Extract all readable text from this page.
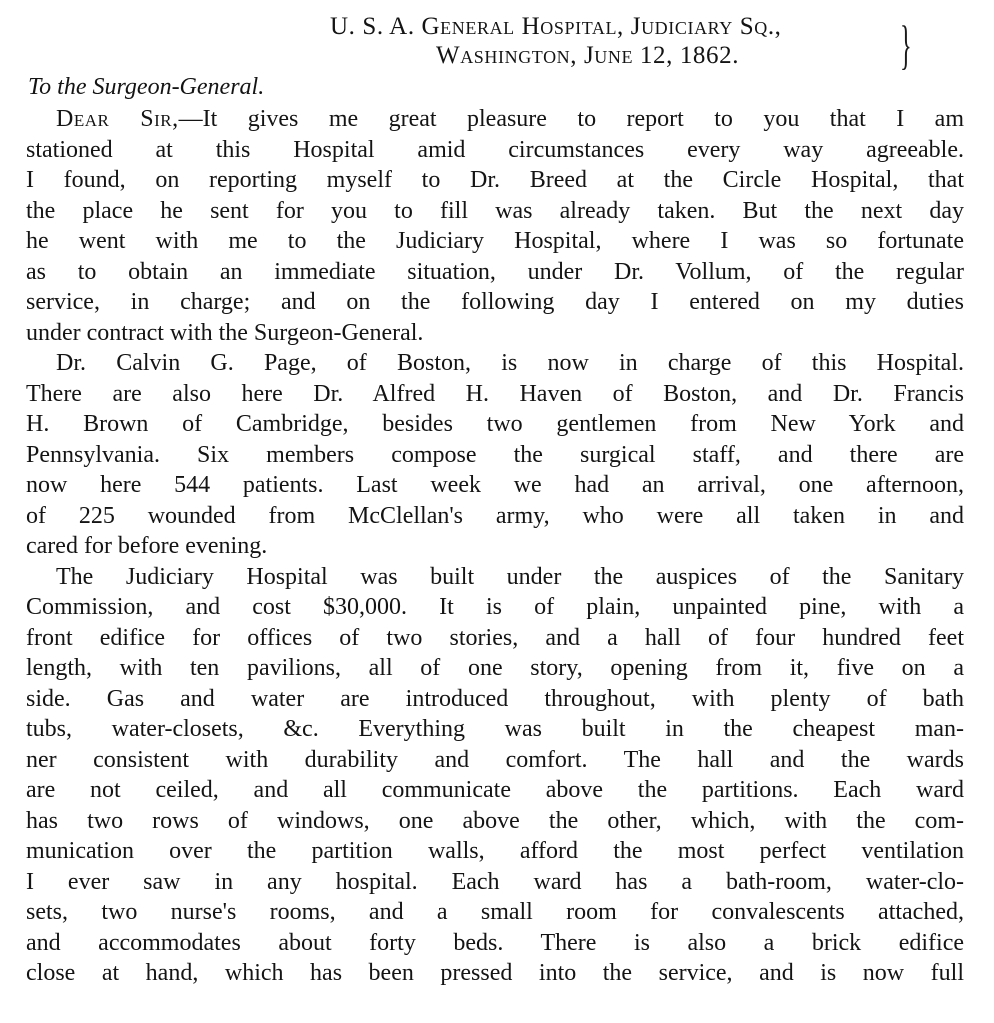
U. S. A. General Hospital, Judiciary Sq.,
Washington, June 12, 1862.	}
To the Surgeon-General.
Dear Sir,—It gives me great pleasure to report to you that I am
stationed at this Hospital amid circumstances every way agreeable.
I found, on reporting myself to Dr. Breed at the Circle Hospital, that
the place he sent for you to fill was already taken. But the next day
he went with me to the Judiciary Hospital, where I was so fortunate
as to obtain an immediate situation, under Dr. Vollum, of the regular
service, in charge; and on the following day I entered on my duties
under contract with the Surgeon-General.
Dr. Calvin G. Page, of Boston, is now in charge of this Hospital.
There are also here Dr. Alfred H. Haven of Boston, and Dr. Francis
H. Brown of Cambridge, besides two gentlemen from New York and
Pennsylvania. Six members compose the surgical staff, and there are
now here 544 patients. Last week we had an arrival, one afternoon,
of 225 wounded from McClellan's army, who were all taken in and
cared for before evening.
The Judiciary Hospital was built under the auspices of the Sanitary
Commission, and cost $30,000. It is of plain, unpainted pine, with a
front edifice for offices of two stories, and a hall of four hundred feet
length, with ten pavilions, all of one story, opening from it, five on a
side. Gas and water are introduced throughout, with plenty of bath
tubs, water-closets, &c. Everything was built in the cheapest man-
ner consistent with durability and comfort. The hall and the wards
are not ceiled, and all communicate above the partitions. Each ward
has two rows of windows, one above the other, which, with the com-
munication over the partition walls, afford the most perfect ventilation
I ever saw in any hospital. Each ward has a bath-room, water-clo-
sets, two nurse's rooms, and a small room for convalescents attached,
and accommodates about forty beds. There is also a brick edifice
close at hand, which has been pressed into the service, and is now full
